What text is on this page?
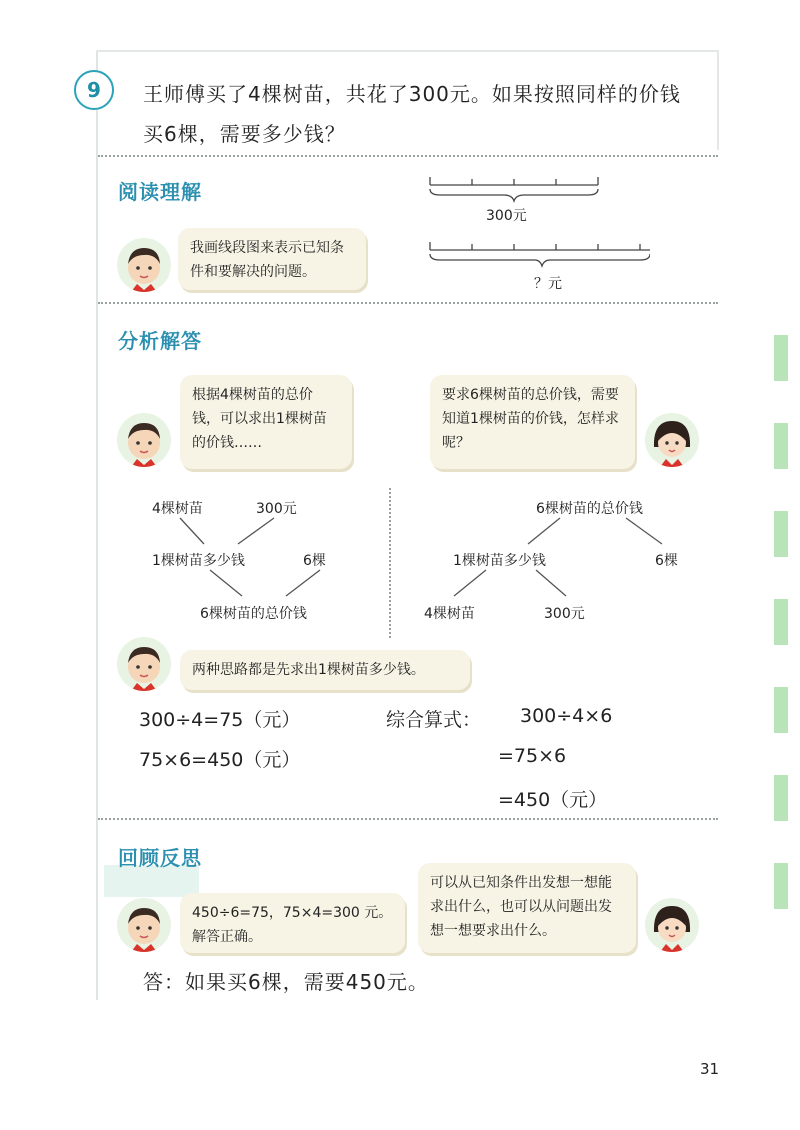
9	王师傅买了4棵树苗，共花了300元。如果按照同样的价钱
买6棵，需要多少钱？
阅读理解
我画线段图来表示已知条件和要解决的问题。
300元
？元
分析解答
根据4棵树苗的总价钱，可以求出1棵树苗的价钱……
要求6棵树苗的总价钱，需要知道1棵树苗的价钱，怎样求呢？
4棵树苗	300元
1棵树苗多少钱	6棵
6棵树苗的总价钱
6棵树苗的总价钱
1棵树苗多少钱	6棵
4棵树苗	300元
两种思路都是先求出1棵树苗多少钱。
300÷4=75（元）
75×6=450（元）
综合算式： 300÷4×6
=75×6
=450（元）
回顾反思
450÷6=75，75×4=300 元。
解答正确。
可以从已知条件出发想一想能求出什么，也可以从问题出发想一想要求出什么。
答：如果买6棵，需要450元。
31
